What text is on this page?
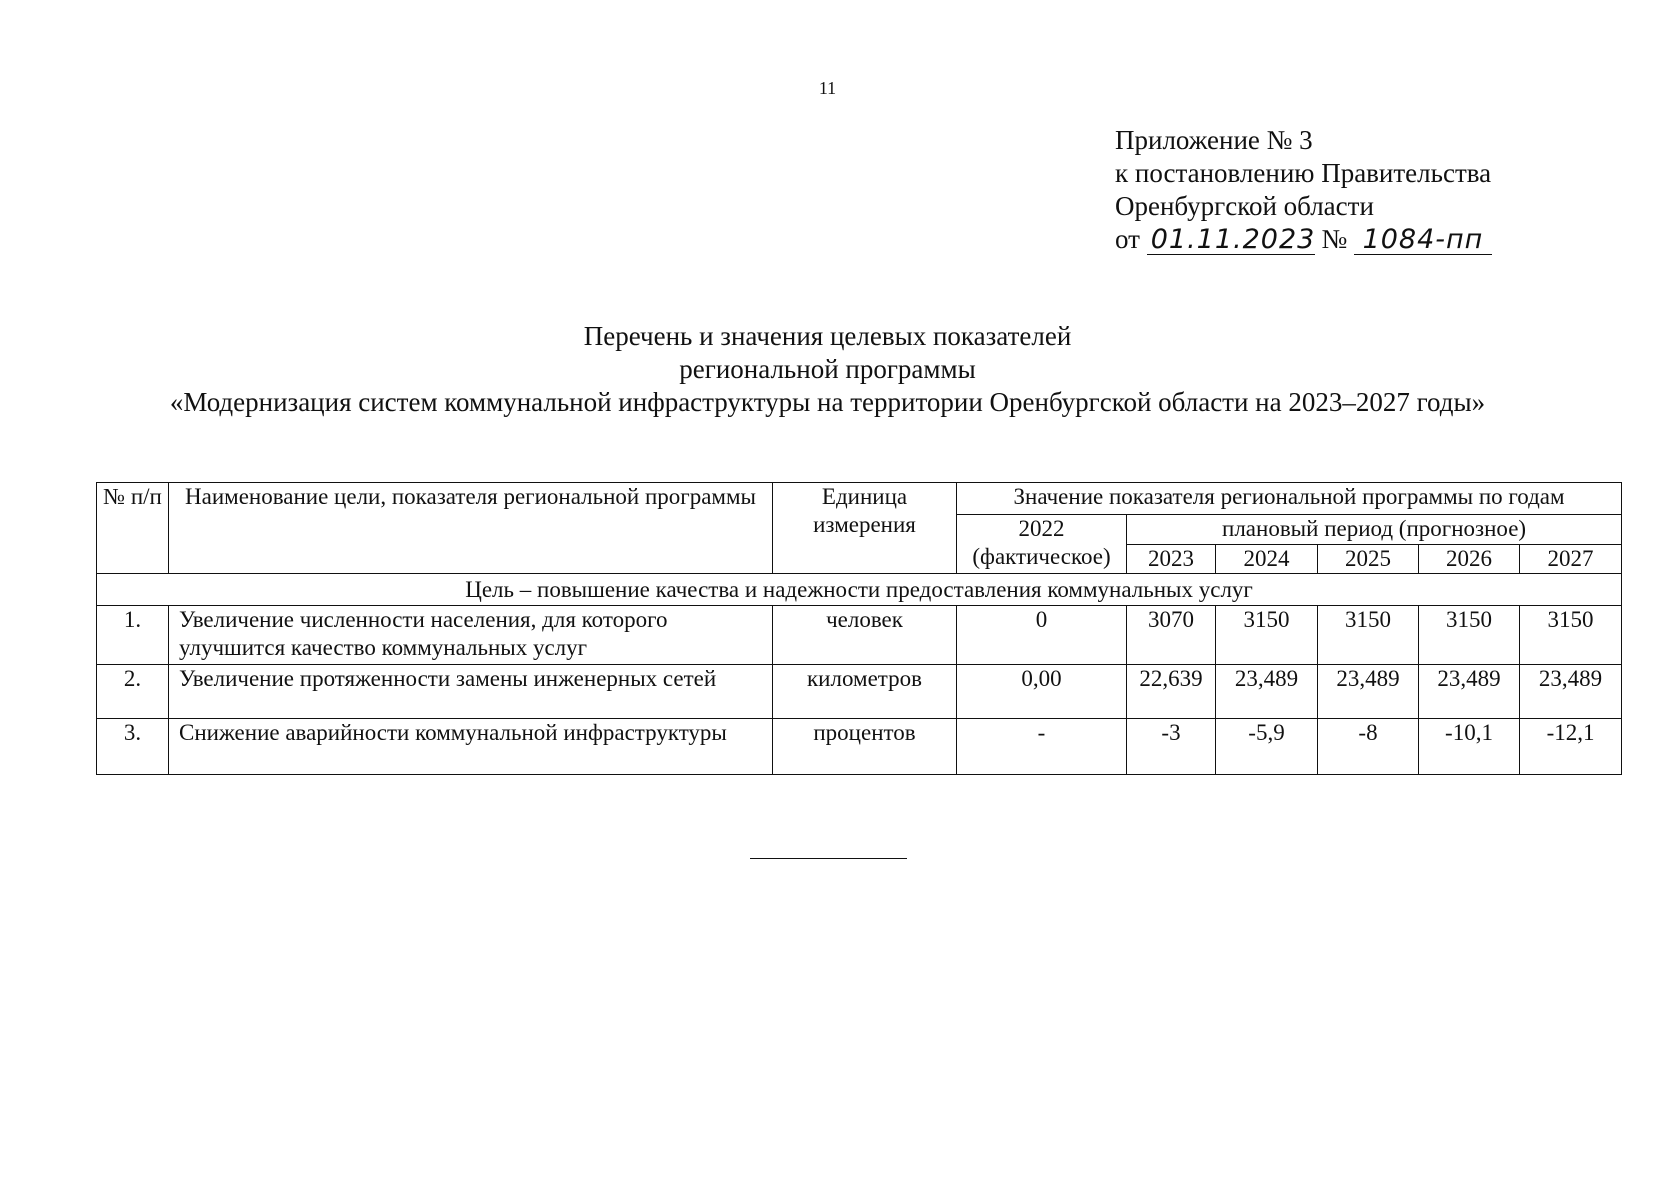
11
Приложение № 3
к постановлению Правительства
Оренбургской области
от 01.11.2023 № 1084-пп
Перечень и значения целевых показателей
региональной программы
«Модернизация систем коммунальной инфраструктуры на территории Оренбургской области на 2023–2027 годы»
№ п/п	Наименование цели, показателя региональной программы	Единица измерения	Значение показателя региональной программы по годам					
			2022 (фактическое)	плановый период (прогнозное)				
				2023	2024	2025	2026	2027
Цель – повышение качества и надежности предоставления коммунальных услуг								
1.	Увеличение численности населения, для которого улучшится качество коммунальных услуг	человек	0	3070	3150	3150	3150	3150
2.	Увеличение протяженности замены инженерных сетей	километров	0,00	22,639	23,489	23,489	23,489	23,489
3.	Снижение аварийности коммунальной инфраструктуры	процентов	-	-3	-5,9	-8	-10,1	-12,1
